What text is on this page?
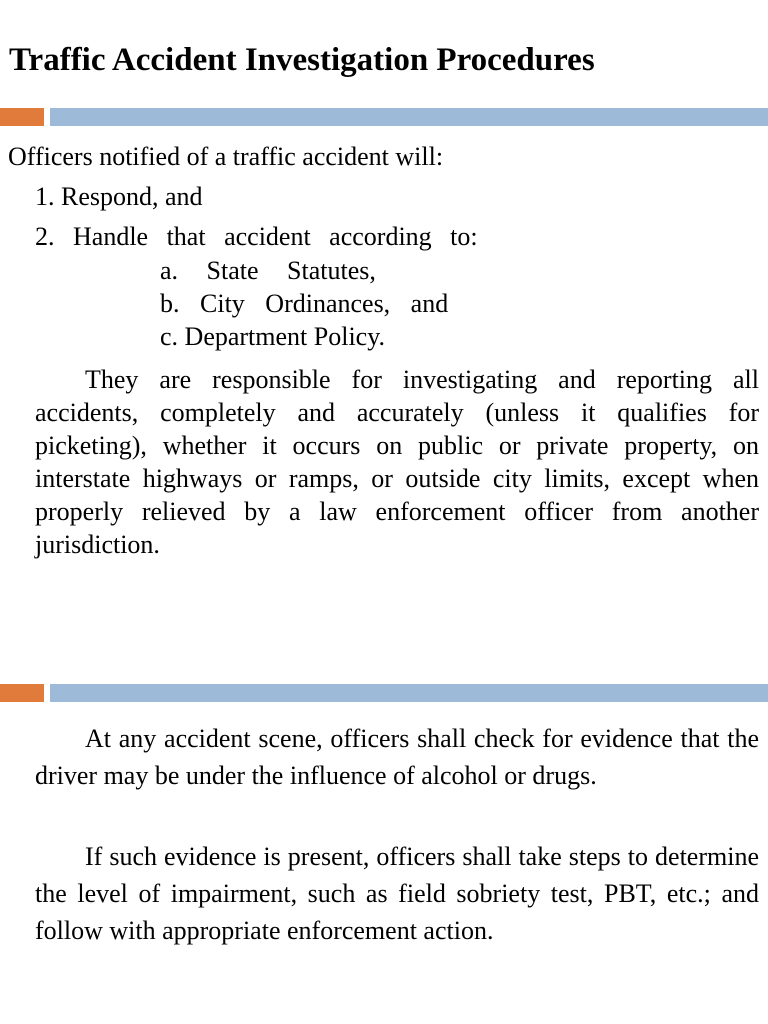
Traffic Accident Investigation Procedures

Officers notified of a traffic accident will:

1. Respond, and

2. Handle that accident according to:

a. State Statutes,

b. City Ordinances, and

c. Department Policy.

They are responsible for investigating and reporting all accidents, completely and accurately (unless it qualifies for picketing), whether it occurs on public or private property, on interstate highways or ramps, or outside city limits, except when properly relieved by a law enforcement officer from another jurisdiction.

At any accident scene, officers shall check for evidence that the driver may be under the influence of alcohol or drugs.

If such evidence is present, officers shall take steps to determine the level of impairment, such as field sobriety test, PBT, etc.; and follow with appropriate enforcement action.
